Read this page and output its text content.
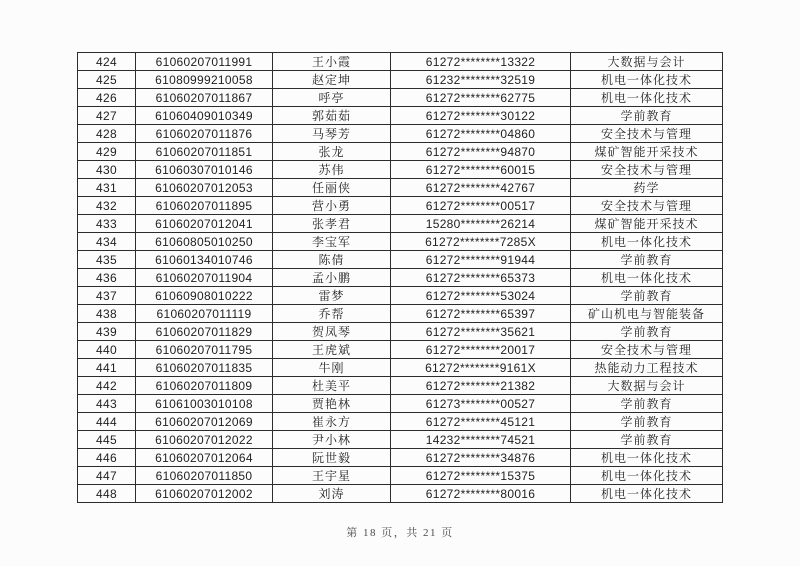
424	61060207011991	王小霞	61272********13322	大数据与会计
425	61080999210058	赵定坤	61232********32519	机电一体化技术
426	61060207011867	呼亭	61272********62775	机电一体化技术
427	61060409010349	郭茹茹	61272********30122	学前教育
428	61060207011876	马琴芳	61272********04860	安全技术与管理
429	61060207011851	张龙	61272********94870	煤矿智能开采技术
430	61060307010146	苏伟	61272********60015	安全技术与管理
431	61060207012053	任丽侠	61272********42767	药学
432	61060207011895	营小勇	61272********00517	安全技术与管理
433	61060207012041	张孝君	15280********26214	煤矿智能开采技术
434	61060805010250	李宝军	61272********7285X	机电一体化技术
435	61060134010746	陈倩	61272********91944	学前教育
436	61060207011904	孟小鹏	61272********65373	机电一体化技术
437	61060908010222	雷梦	61272********53024	学前教育
438	61060207011119	乔帮	61272********65397	矿山机电与智能装备
439	61060207011829	贺凤琴	61272********35621	学前教育
440	61060207011795	王虎斌	61272********20017	安全技术与管理
441	61060207011835	牛刚	61272********9161X	热能动力工程技术
442	61060207011809	杜美平	61272********21382	大数据与会计
443	61061003010108	贾艳林	61273********00527	学前教育
444	61060207012069	崔永方	61272********45121	学前教育
445	61060207012022	尹小林	14232********74521	学前教育
446	61060207012064	阮世毅	61272********34876	机电一体化技术
447	61060207011850	王宇星	61272********15375	机电一体化技术
448	61060207012002	刘涛	61272********80016	机电一体化技术
第 18 页，共 21 页
